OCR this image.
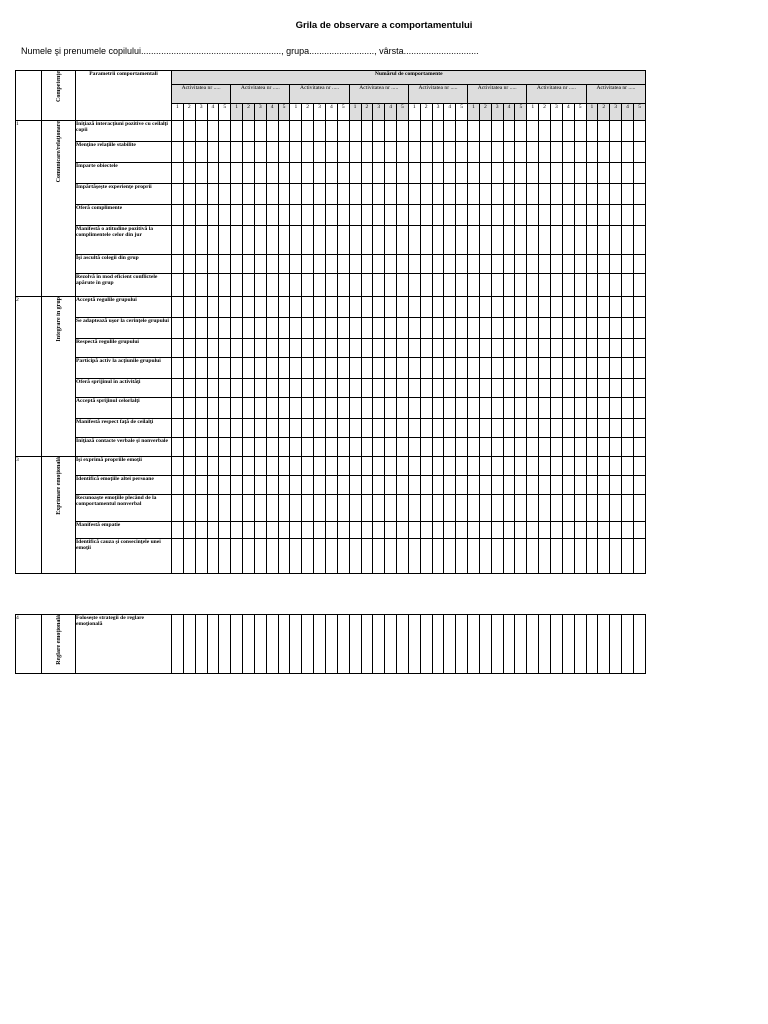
Grila de observare a comportamentului
Numele şi prenumele copilului........................................................, grupa.........................., vârsta..............................

	Competenţe	Parametrii comportamentali	Numărul de comportamente																																							
			Activitatea nr .....					Activitatea nr .....					Activitatea nr .....					Activitatea nr .....					Activitatea nr .....					Activitatea nr .....					Activitatea nr .....					Activitatea nr .....				
			1	2	3	4	5	1	2	3	4	5	1	2	3	4	5	1	2	3	4	5	1	2	3	4	5	1	2	3	4	5	1	2	3	4	5	1	2	3	4	5
1	Comunicare/relaţionare	Iniţiază interacţiuni pozitive cu ceilalţi copii																																								
		Menţine relaţiile stabilite																																								
		Împarte obiectele																																								
		Împărtăşeşte experienţe proprii																																								
		Oferă complimente																																								
		Manifestă o atitudine pozitivă la complimentele celor din jur																																								
		Îşi ascultă colegii din grup																																								
		Rezolvă în mod eficient conflictele apărute în grup																																								
2	Integrare în grup	Acceptă regulile grupului																																								
		Se adaptează uşor la cerinţele grupului																																								
		Respectă regulile grupului																																								
		Participă activ la acţiunile grupului																																								
		Oferă sprijinul în activităţi																																								
		Acceptă sprijinul celorlalţi																																								
		Manifestă respect faţă de ceilalţi																																								
		Iniţiază contacte verbale şi nonverbale																																								
3	Exprimare emoţională	Îşi exprimă propriile emoţii																																								
		Identifică emoţiile altei persoane																																								
		Recunoaşte emoţiile plecând de la comportamentul nonverbal																																								
		Manifestă empatie																																								
		Identifică cauza şi consecinţele unei emoţii																																								
4	Reglare emoţională	Foloseşte strategii de reglare emoţională																																								
